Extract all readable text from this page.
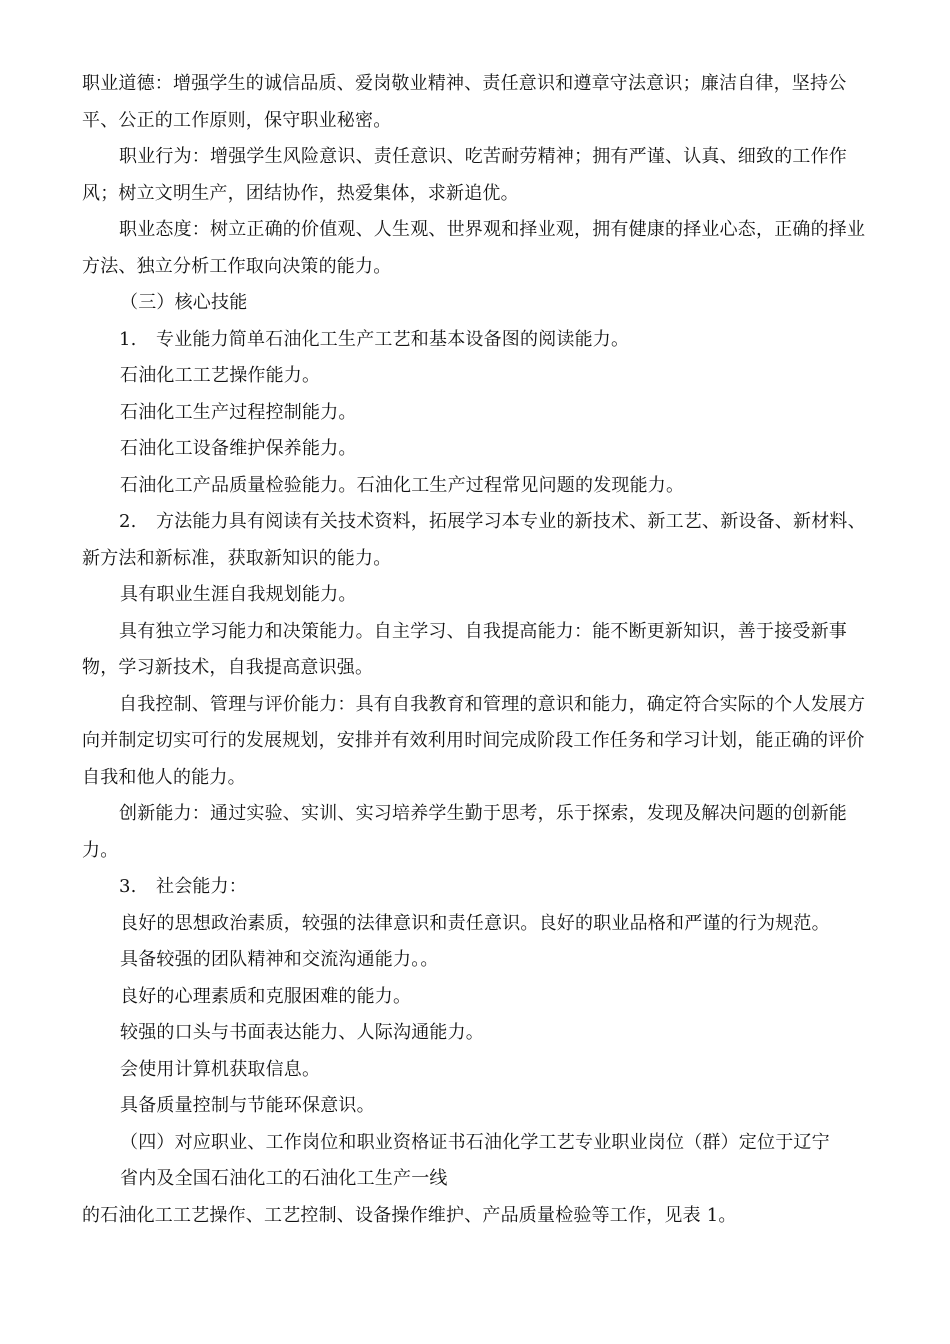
职业道德：增强学生的诚信品质、爱岗敬业精神、责任意识和遵章守法意识；廉洁自律，坚持公平、公正的工作原则，保守职业秘密。

职业行为：增强学生风险意识、责任意识、吃苦耐劳精神；拥有严谨、认真、细致的工作作风；树立文明生产，团结协作，热爱集体，求新追优。

职业态度：树立正确的价值观、人生观、世界观和择业观，拥有健康的择业心态，正确的择业方法、独立分析工作取向决策的能力。

（三）核心技能

1. 专业能力简单石油化工生产工艺和基本设备图的阅读能力。

石油化工工艺操作能力。

石油化工生产过程控制能力。

石油化工设备维护保养能力。

石油化工产品质量检验能力。石油化工生产过程常见问题的发现能力。

2. 方法能力具有阅读有关技术资料，拓展学习本专业的新技术、新工艺、新设备、新材料、新方法和新标准，获取新知识的能力。

具有职业生涯自我规划能力。

具有独立学习能力和决策能力。自主学习、自我提高能力：能不断更新知识，善于接受新事物，学习新技术，自我提高意识强。

自我控制、管理与评价能力：具有自我教育和管理的意识和能力，确定符合实际的个人发展方向并制定切实可行的发展规划，安排并有效利用时间完成阶段工作任务和学习计划，能正确的评价自我和他人的能力。

创新能力：通过实验、实训、实习培养学生勤于思考，乐于探索，发现及解决问题的创新能力。

3. 社会能力：

良好的思想政治素质，较强的法律意识和责任意识。良好的职业品格和严谨的行为规范。

具备较强的团队精神和交流沟通能力。。

良好的心理素质和克服困难的能力。

较强的口头与书面表达能力、人际沟通能力。

会使用计算机获取信息。

具备质量控制与节能环保意识。

（四）对应职业、工作岗位和职业资格证书石油化学工艺专业职业岗位（群）定位于辽宁

省内及全国石油化工的石油化工生产一线

的石油化工工艺操作、工艺控制、设备操作维护、产品质量检验等工作，见表 1。
